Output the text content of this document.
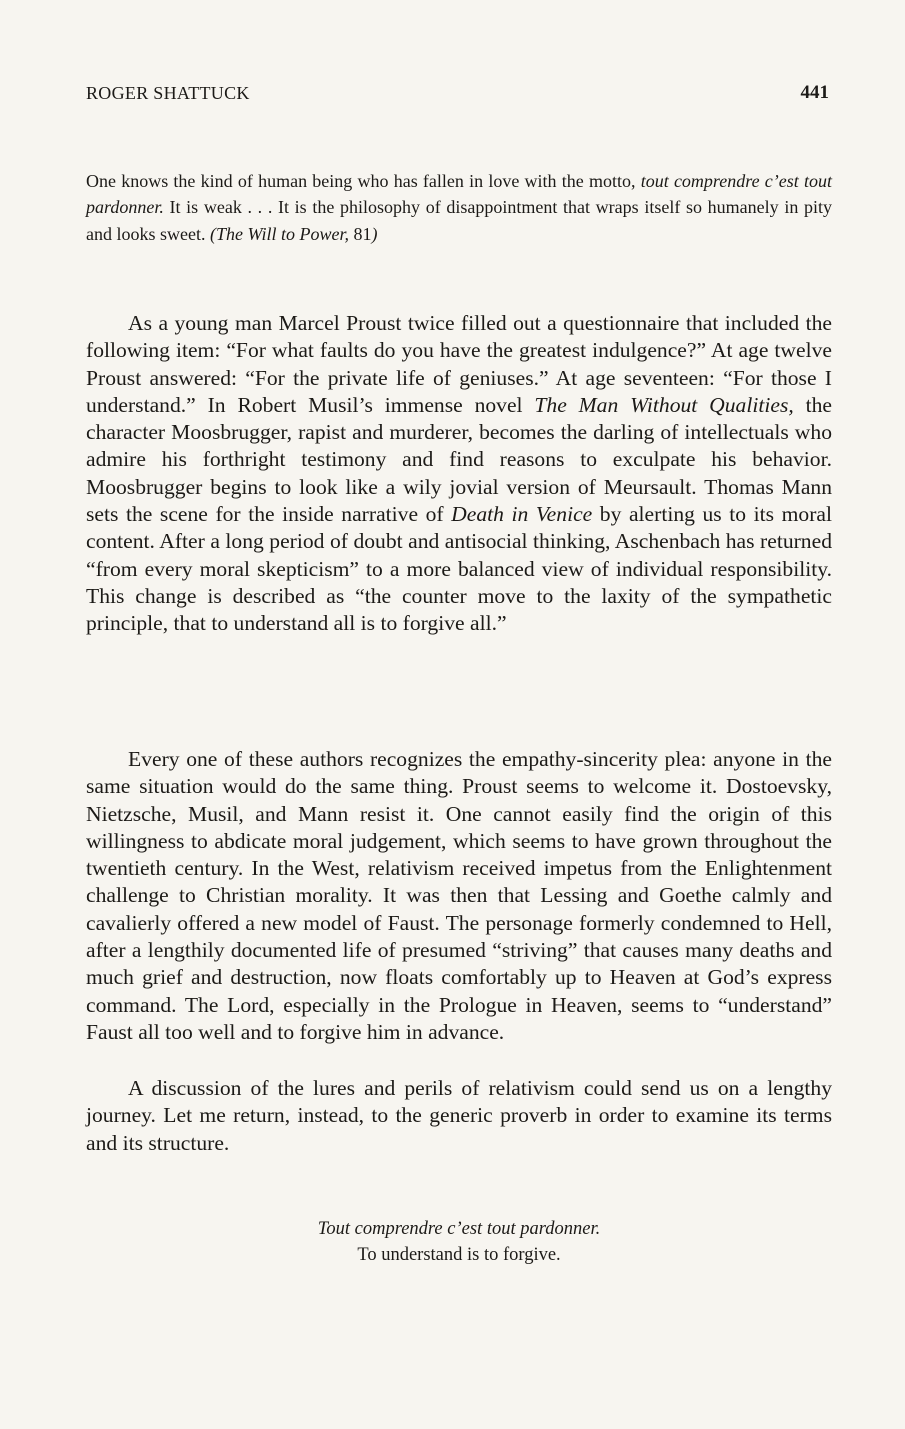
ROGER SHATTUCK	441

One knows the kind of human being who has fallen in love with the motto, tout comprendre c’est tout pardonner. It is weak . . . It is the philosophy of disappointment that wraps itself so humanely in pity and looks sweet. (The Will to Power, 81)

As a young man Marcel Proust twice filled out a questionnaire that included the following item: “For what faults do you have the greatest indulgence?” At age twelve Proust answered: “For the private life of geniuses.” At age seventeen: “For those I understand.” In Robert Musil’s immense novel The Man Without Qualities, the character Moosbrugger, rapist and murderer, becomes the darling of intellectuals who admire his forthright testimony and find reasons to exculpate his behavior. Moosbrugger begins to look like a wily jovial version of Meursault. Thomas Mann sets the scene for the inside narrative of Death in Venice by alerting us to its moral content. After a long period of doubt and antisocial thinking, Aschenbach has returned “from every moral skepticism” to a more balanced view of individual responsibility. This change is described as “the counter move to the laxity of the sympathetic principle, that to understand all is to forgive all.”

Every one of these authors recognizes the empathy-sincerity plea: anyone in the same situation would do the same thing. Proust seems to welcome it. Dostoevsky, Nietzsche, Musil, and Mann resist it. One cannot easily find the origin of this willingness to abdicate moral judgement, which seems to have grown throughout the twentieth century. In the West, relativism received impetus from the Enlightenment challenge to Christian morality. It was then that Lessing and Goethe calmly and cavalierly offered a new model of Faust. The personage formerly condemned to Hell, after a lengthily documented life of presumed “striving” that causes many deaths and much grief and destruction, now floats comfortably up to Heaven at God’s express command. The Lord, especially in the Prologue in Heaven, seems to “understand” Faust all too well and to forgive him in advance.

A discussion of the lures and perils of relativism could send us on a lengthy journey. Let me return, instead, to the generic proverb in order to examine its terms and its structure.

Tout comprendre c’est tout pardonner.
To understand is to forgive.
